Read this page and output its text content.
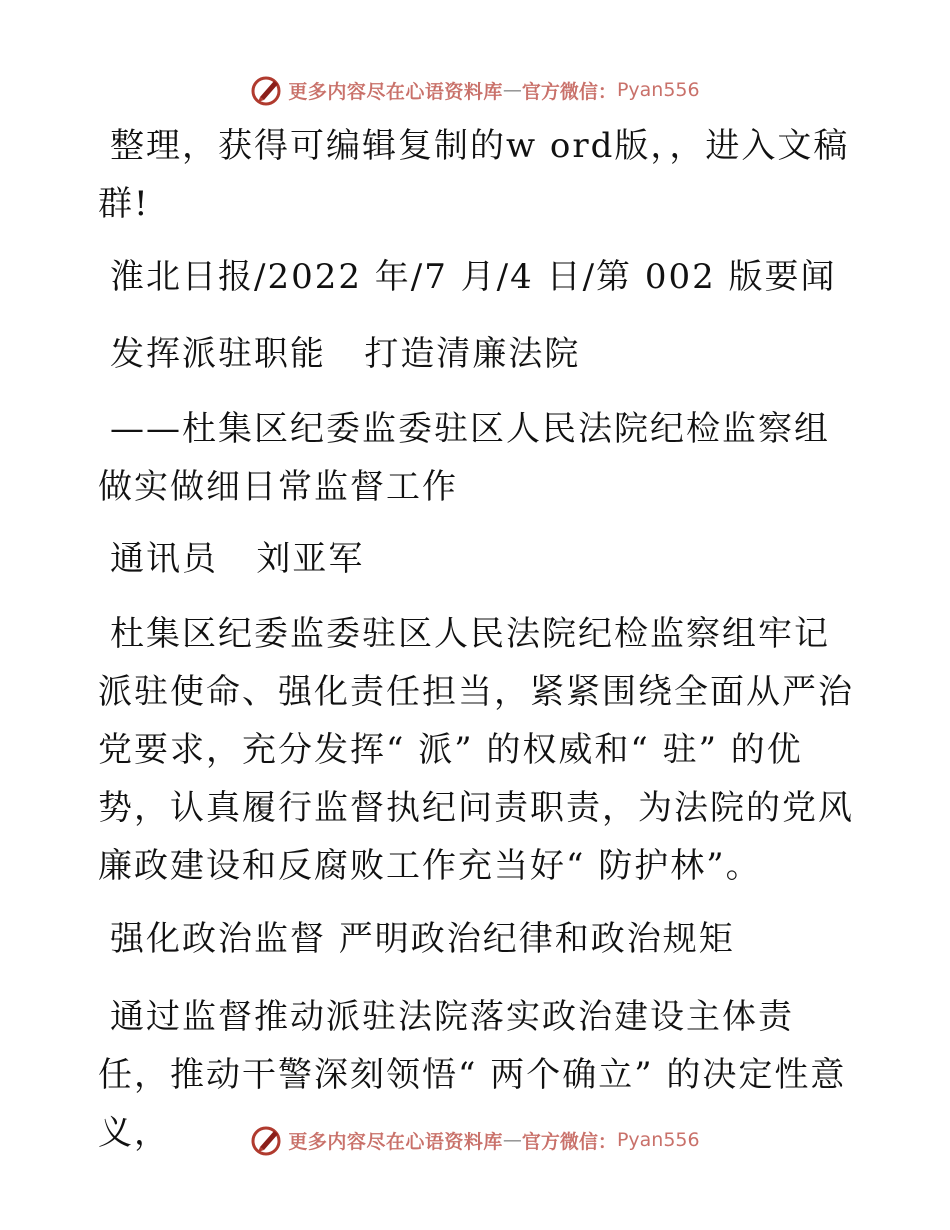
更多内容尽在心语资料库 — 官方微信： Pyan556

整理，获得可编辑复制的w ord版，，进入文稿群!

淮北日报/2022 年/7 月/4 日/第 002 版要闻

发挥派驻职能   打造清廉法院

——杜集区纪委监委驻区人民法院纪检监察组做实做细日常监督工作

通讯员   刘亚军

杜集区纪委监委驻区人民法院纪检监察组牢记派驻使命、强化责任担当，紧紧围绕全面从严治党要求，充分发挥“ 派” 的权威和“ 驻” 的优势，认真履行监督执纪问责职责，为法院的党风廉政建设和反腐败工作充当好“ 防护林”。

强化政治监督 严明政治纪律和政治规矩

通过监督推动派驻法院落实政治建设主体责任，推动干警深刻领悟“ 两个确立” 的决定性意义，	更多内容尽在心语资料库 — 官方微信： Pyan556
